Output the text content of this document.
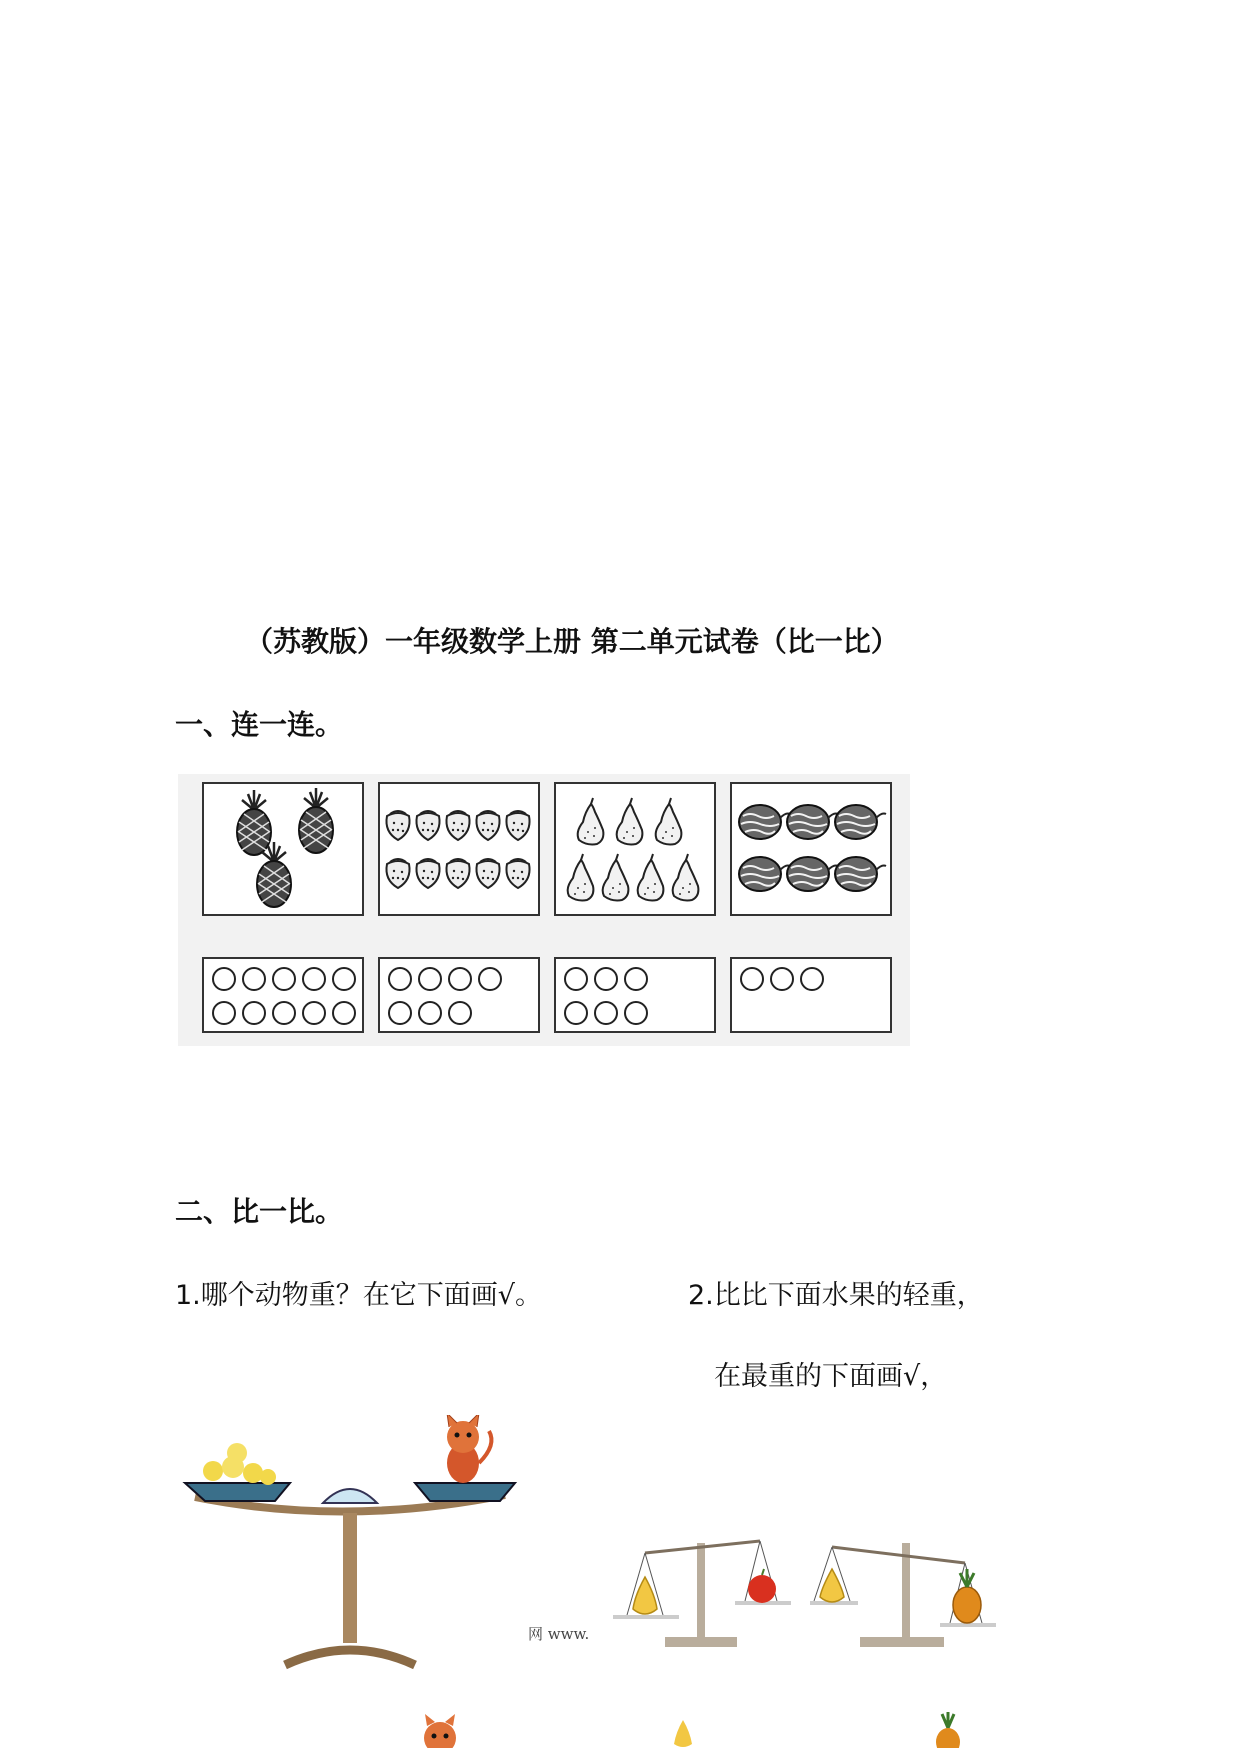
（苏教版）一年级数学上册 第二单元试卷（比一比）
一、连一连。
二、比一比。
1.哪个动物重？在它下面画√。	2.比比下面水果的轻重，
在最重的下面画√，
网 www.
